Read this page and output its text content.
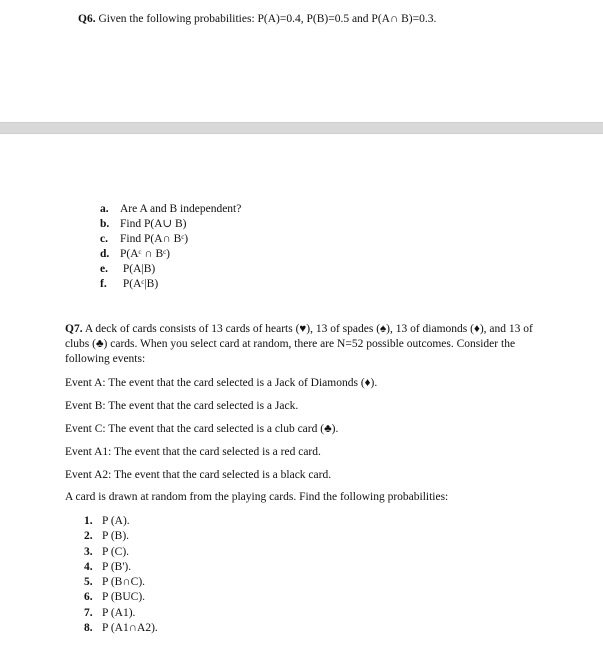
Q6. Given the following probabilities: P(A)=0.4, P(B)=0.5 and P(A∩ B)=0.3.
a. Are A and B independent?
b. Find P(A∪ B)
c. Find P(A∩ Bᶜ)
d. P(Aᶜ ∩ Bᶜ)
e. P(A|B)
f. P(Aᶜ|B)
Q7. A deck of cards consists of 13 cards of hearts (♥), 13 of spades (♠), 13 of diamonds (♦), and 13 of clubs (♣) cards. When you select card at random, there are N=52 possible outcomes. Consider the following events:
Event A: The event that the card selected is a Jack of Diamonds (♦).
Event B: The event that the card selected is a Jack.
Event C: The event that the card selected is a club card (♣).
Event A1: The event that the card selected is a red card.
Event A2: The event that the card selected is a black card.
A card is drawn at random from the playing cards. Find the following probabilities:
1. P (A).
2. P (B).
3. P (C).
4. P (B').
5. P (B∩C).
6. P (BUC).
7. P (A1).
8. P (A1∩A2).
